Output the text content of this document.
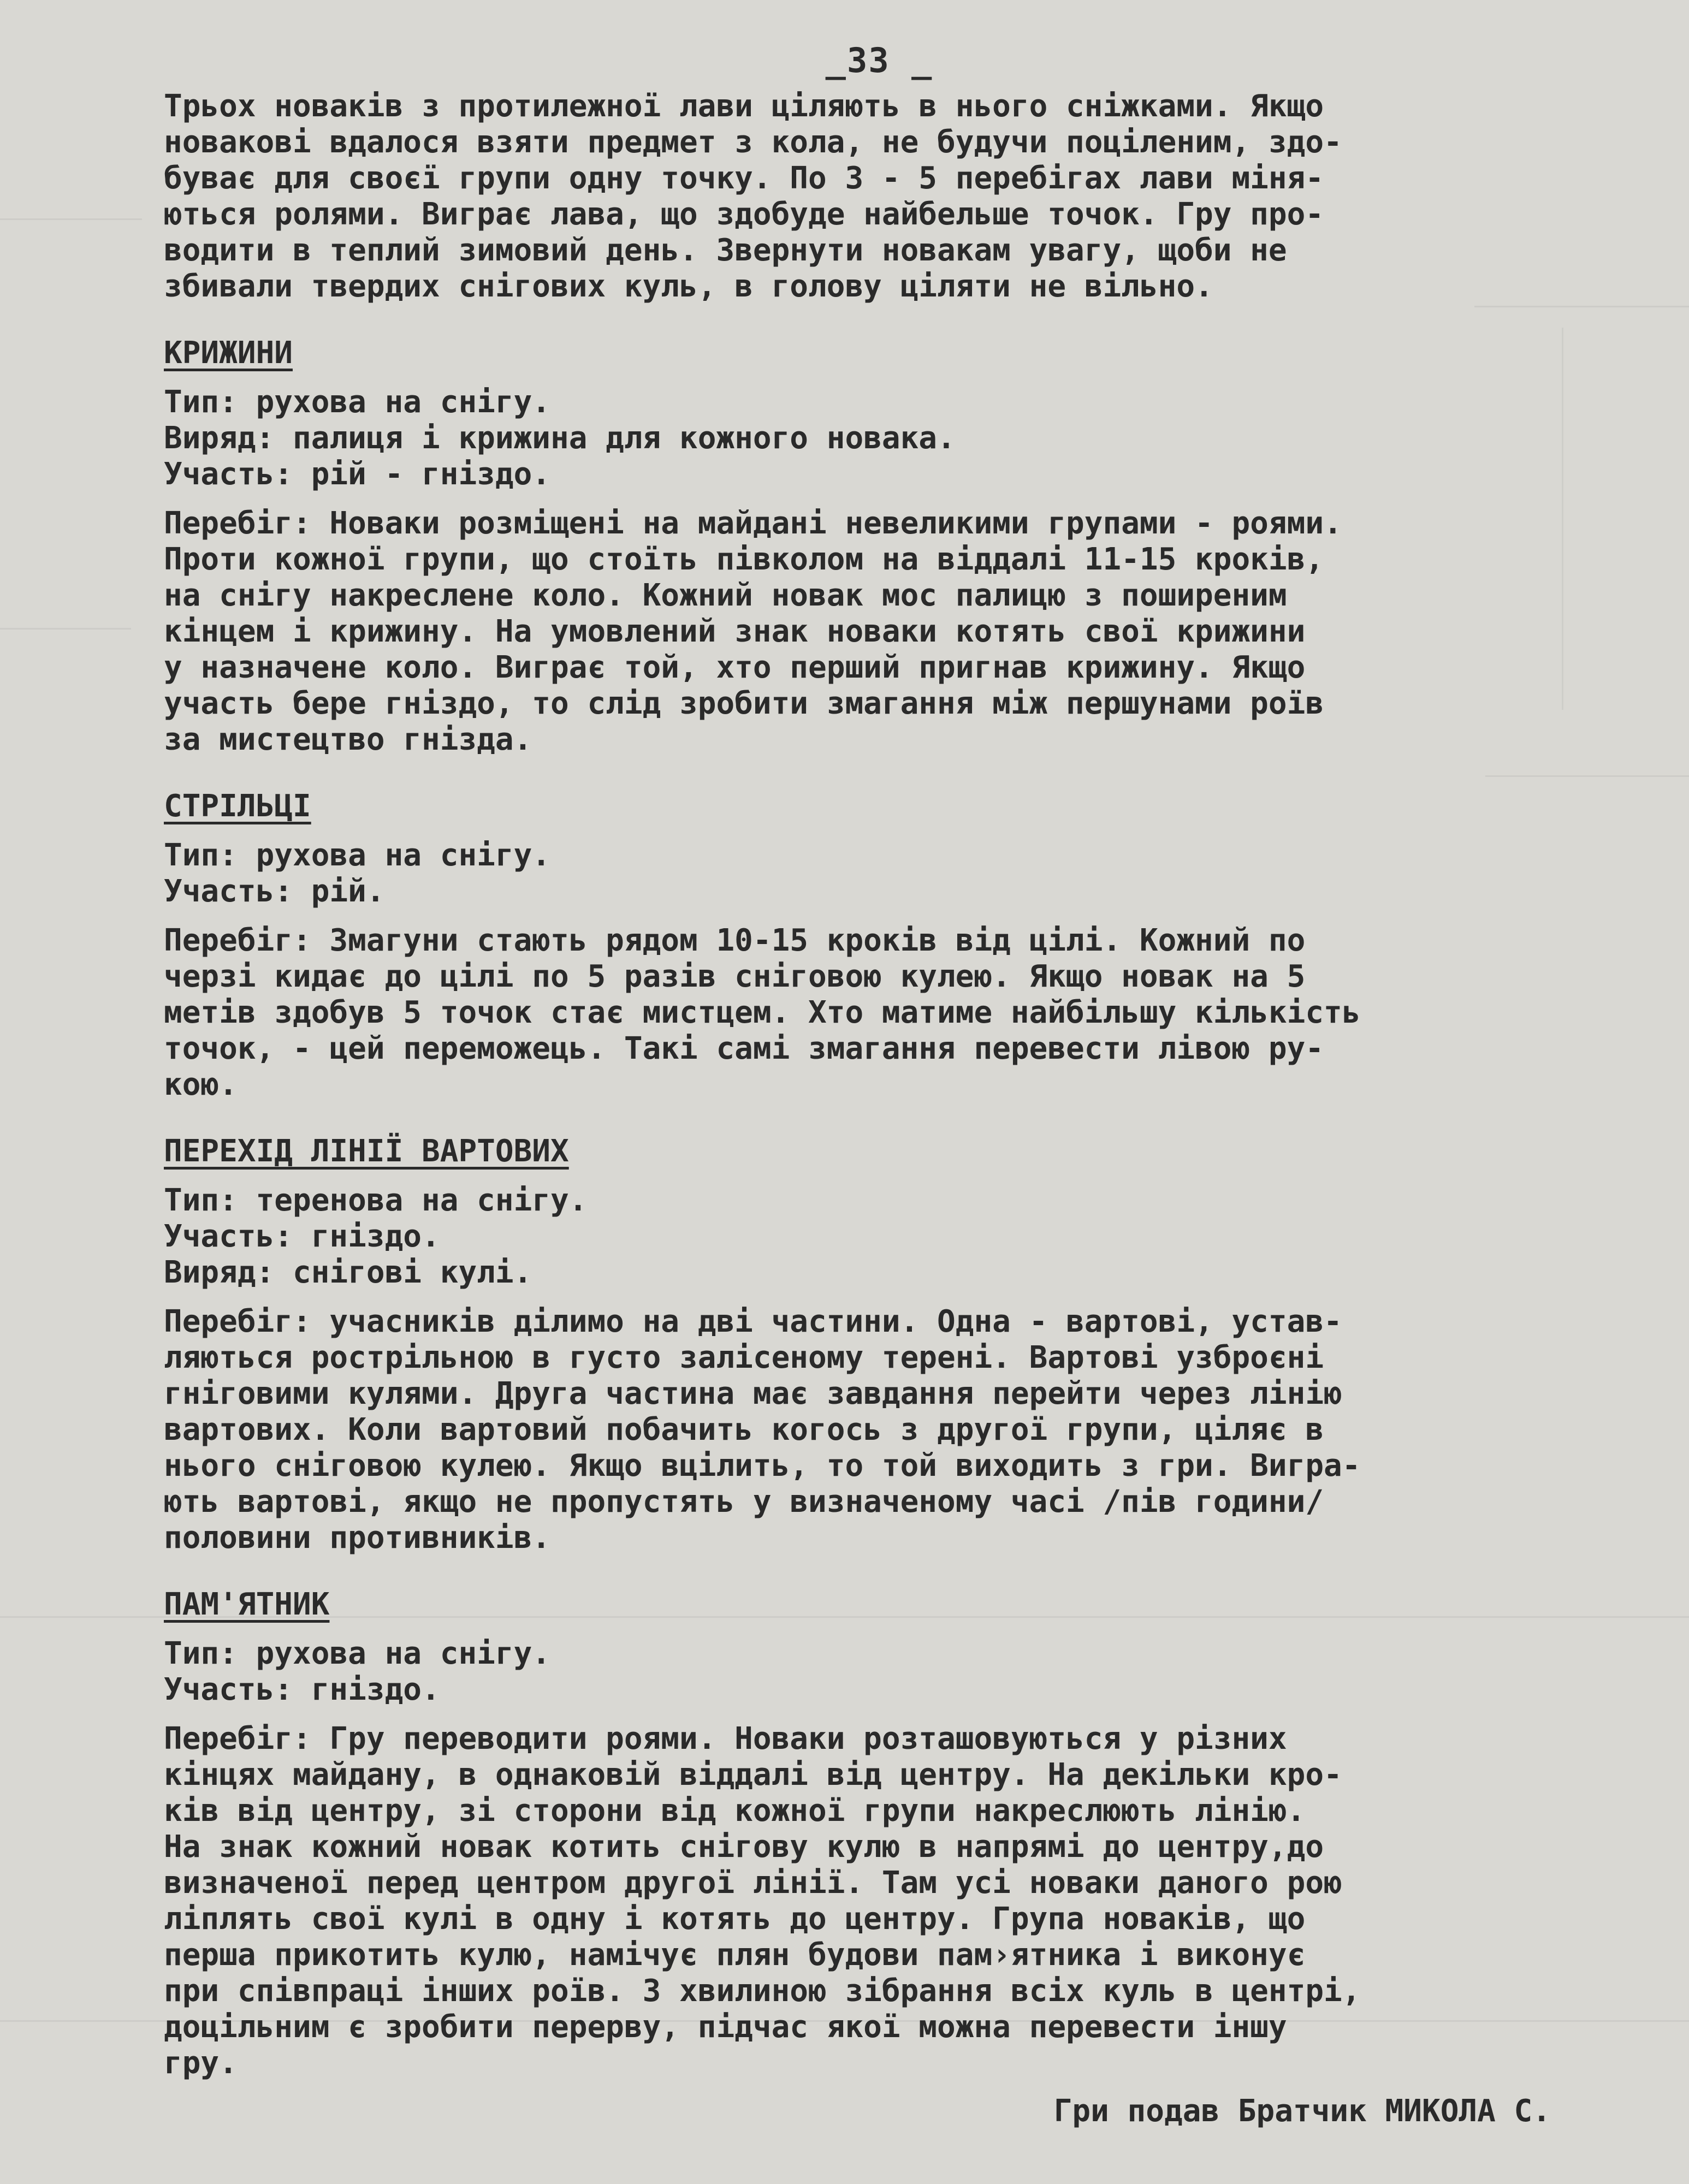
_33 _
Трьох новаків з протилежної лави ціляють в нього сніжками. Якщо
новакові вдалося взяти предмет з кола, не будучи поціленим, здо-
буває для своєї групи одну точку. По 3 - 5 перебігах лави міня-
ються ролями. Виграє лава, що здобуде найбельше точок. Гру про-
водити в теплий зимовий день. Звернути новакам увагу, щоби не
збивали твердих снігових куль, в голову ціляти не вільно.
КРИЖИНИ
Тип: рухова на снігу.
Виряд: палиця і крижина для кожного новака.
Участь: рій - гніздо.
Перебіг: Новаки розміщені на майдані невеликими групами - роями.
Проти кожної групи, що стоїть півколом на віддалі 11-15 кроків,
на снігу накреслене коло. Кожний новак мос палицю з поширеним
кінцем і крижину. На умовлений знак новаки котять свої крижини
у назначене коло. Виграє той, хто перший пригнав крижину. Якщо
участь бере гніздо, то слід зробити змагання між першунами роїв
за мистецтво гнізда.
СТРІЛЬЦІ
Тип: рухова на снігу.
Участь: рій.
Перебіг: Змагуни стають рядом 10-15 кроків від цілі. Кожний по
черзі кидає до цілі по 5 разів сніговою кулею. Якщо новак на 5
метів здобув 5 точок стає мистцем. Хто матиме найбільшу кількість
точок, - цей переможець. Такі самі змагання перевести лівою ру-
кою.
ПЕРЕХІД ЛІНІЇ ВАРТОВИХ
Тип: теренова на снігу.
Участь: гніздо.
Виряд: снігові кулі.
Перебіг: учасників ділимо на дві частини. Одна - вартові, устав-
ляються рострільною в густо залісеному терені. Вартові узброєні
гніговими кулями. Друга частина має завдання перейти через лінію
вартових. Коли вартовий побачить когось з другої групи, ціляє в
нього сніговою кулею. Якщо вцілить, то той виходить з гри. Вигра-
ють вартові, якщо не пропустять у визначеному часі /пів години/
половини противників.
ПАМ'ЯТНИК
Тип: рухова на снігу.
Участь: гніздо.
Перебіг: Гру переводити роями. Новаки розташовуються у різних
кінцях майдану, в однаковій віддалі від центру. На декільки кро-
ків від центру, зі сторони від кожної групи накреслюють лінію.
На знак кожний новак котить снігову кулю в напрямі до центру,до
визначеної перед центром другої лінії. Там усі новаки даного рою
ліплять свої кулі в одну і котять до центру. Група новаків, що
перша прикотить кулю, намічує плян будови пам›ятника і виконує
при співпраці інших роїв. З хвилиною зібрання всіх куль в центрі,
доцільним є зробити перерву, підчас якої можна перевести іншу
гру.
Гри подав Братчик МИКОЛА С.
